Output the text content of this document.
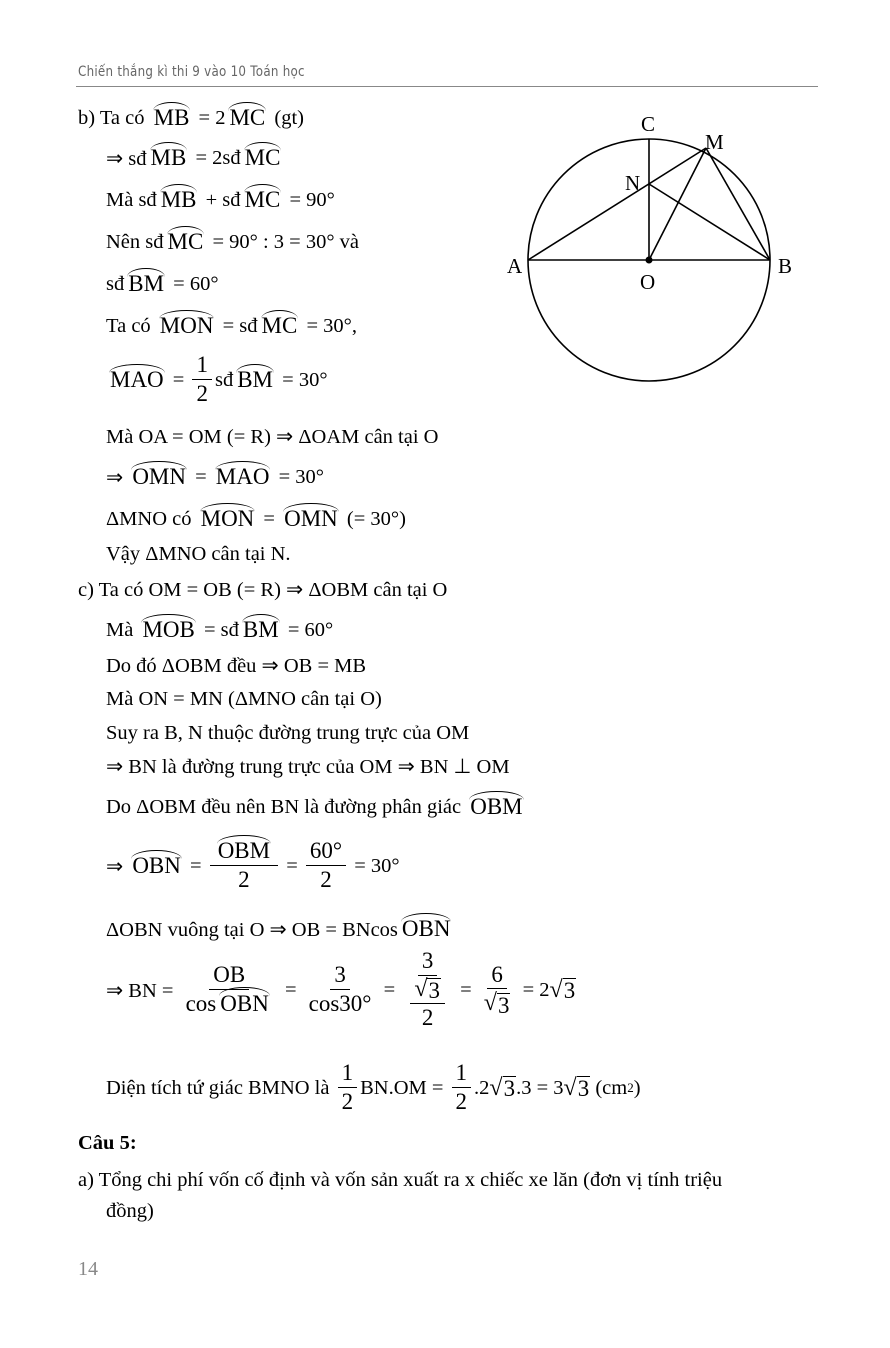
Chiến thắng kì thi 9 vào 10 Toán học
C
M
N
A
O
B
b) Ta có MB = 2 MC (gt)
⇒ sđ MB = 2sđ MC
Mà sđ MB + sđ MC = 90°
Nên sđ MC = 90° : 3 = 30° và
sđ BM = 60°
Ta có MON = sđ MC = 30°,
MAO = $\frac{1}{2}$ sđ BM = 30°
Mà OA = OM (= R) ⇒ ΔOAM cân tại O
⇒ OMN = MAO = 30°
ΔMNO có MON = OMN (= 30°)
Vậy ΔMNO cân tại N.
c) Ta có OM = OB (= R) ⇒ ΔOBM cân tại O
Mà MOB = sđ BM = 60°
Do đó ΔOBM đều ⇒ OB = MB
Mà ON = MN (ΔMNO cân tại O)
Suy ra B, N thuộc đường trung trực của OM
⇒ BN là đường trung trực của OM ⇒ BN ⊥ OM
Do ΔOBM đều nên BN là đường phân giác OBM
⇒ OBN = $\frac{\text{OBM}}{2} = \frac{60^\circ}{2} = 30^\circ$
ΔOBN vuông tại O ⇒ OB = BNcos OBN
⇒ BN = $\frac{OB}{\text{cos OBN}} = \frac{3}{\cos 30^\circ} = \frac{3}{\frac{√ 3}{2}} = \frac{6}{√ 3} = 2$ √ 3
Diện tích tứ giác BMNO là $\frac{1}{2} BN.OM = \frac{1}{2} .2$ √ 3 .3 = 3 √ 3 (cm 2 )
Câu 5:
a) Tổng chi phí vốn cố định và vốn sản xuất ra x chiếc xe lăn (đơn vị tính triệu
đồng)
14
